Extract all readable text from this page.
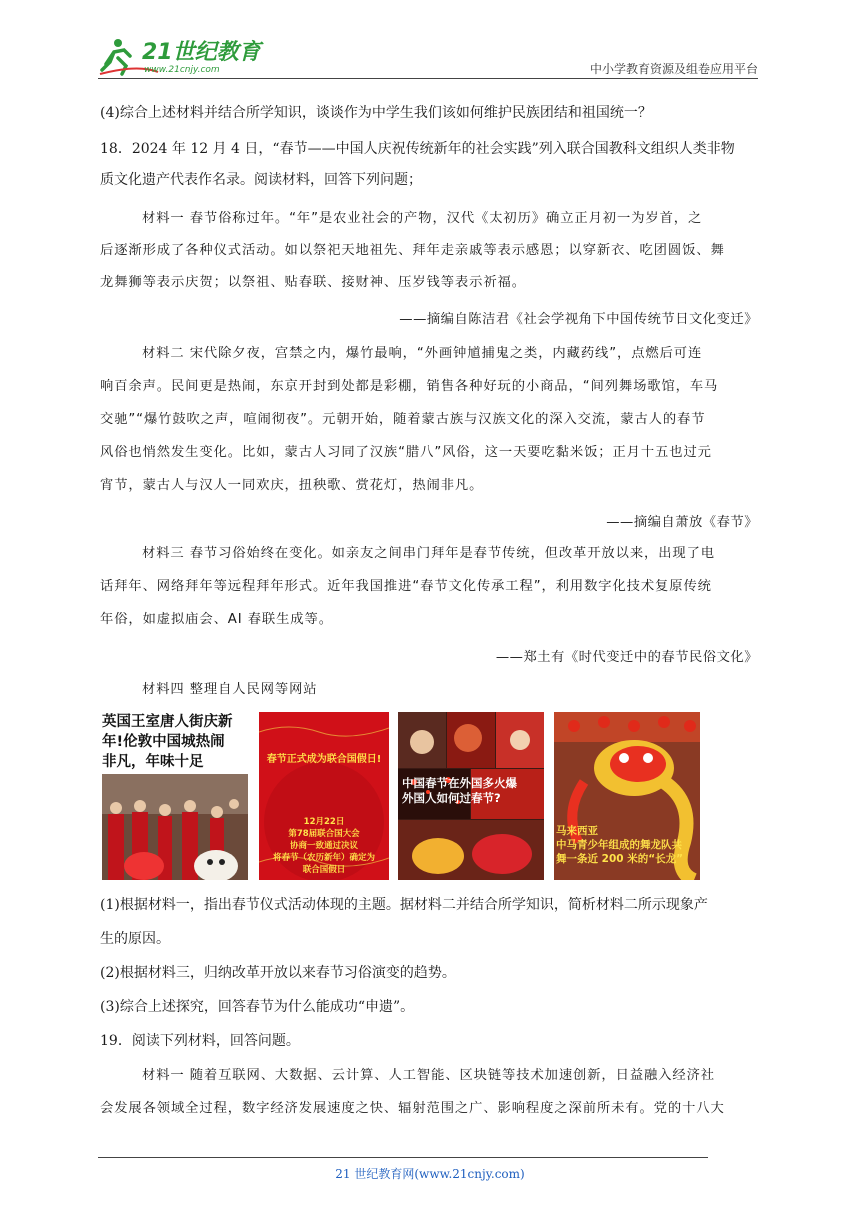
21世纪教育
www.21cnjy.com	中小学教育资源及组卷应用平台
(4)综合上述材料并结合所学知识，谈谈作为中学生我们该如何维护民族团结和祖国统一？
18．2024 年 12 月 4 日，“春节——中国人庆祝传统新年的社会实践”列入联合国教科文组织人类非物
质文化遗产代表作名录。阅读材料，回答下列问题；
材料一 春节俗称过年。“年”是农业社会的产物，汉代《太初历》确立正月初一为岁首，之
后逐渐形成了各种仪式活动。如以祭祀天地祖先、拜年走亲戚等表示感恩；以穿新衣、吃团圆饭、舞
龙舞狮等表示庆贺；以祭祖、贴春联、接财神、压岁钱等表示祈福。
——摘编自陈洁君《社会学视角下中国传统节日文化变迁》
材料二 宋代除夕夜，宫禁之内，爆竹最响，“外画钟馗捕鬼之类，内藏药线”，点燃后可连
响百余声。民间更是热闹，东京开封到处都是彩棚，销售各种好玩的小商品，“间列舞场歌馆，车马
交驰”“爆竹鼓吹之声，喧闹彻夜”。元朝开始，随着蒙古族与汉族文化的深入交流，蒙古人的春节
风俗也悄然发生变化。比如，蒙古人习同了汉族“腊八”风俗，这一天要吃黏米饭；正月十五也过元
宵节，蒙古人与汉人一同欢庆，扭秧歌、赏花灯，热闹非凡。
——摘编自萧放《春节》
材料三 春节习俗始终在变化。如亲友之间串门拜年是春节传统，但改革开放以来，出现了电
话拜年、网络拜年等远程拜年形式。近年我国推进“春节文化传承工程”，利用数字化技术复原传统
年俗，如虚拟庙会、AI 春联生成等。
——郑土有《时代变迁中的春节民俗文化》
材料四 整理自人民网等网站
英国王室唐人街庆新
年!伦敦中国城热闹
非凡，年味十足	春节正式成为联合国假日!
12月22日
第78届联合国大会
协商一致通过决议
将春节（农历新年）确定为
联合国假日
中国春节在外国多火爆
外国人如何过春节?
马来西亚
中马青少年组成的舞龙队共
舞一条近 200 米的“长龙”
(1)根据材料一，指出春节仪式活动体现的主题。据材料二并结合所学知识，简析材料二所示现象产
生的原因。
(2)根据材料三，归纳改革开放以来春节习俗演变的趋势。
(3)综合上述探究，回答春节为什么能成功“申遗”。
19．阅读下列材料，回答问题。
材料一 随着互联网、大数据、云计算、人工智能、区块链等技术加速创新，日益融入经济社
会发展各领域全过程，数字经济发展速度之快、辐射范围之广、影响程度之深前所未有。党的十八大
21 世纪教育网(www.21cnjy.com)
